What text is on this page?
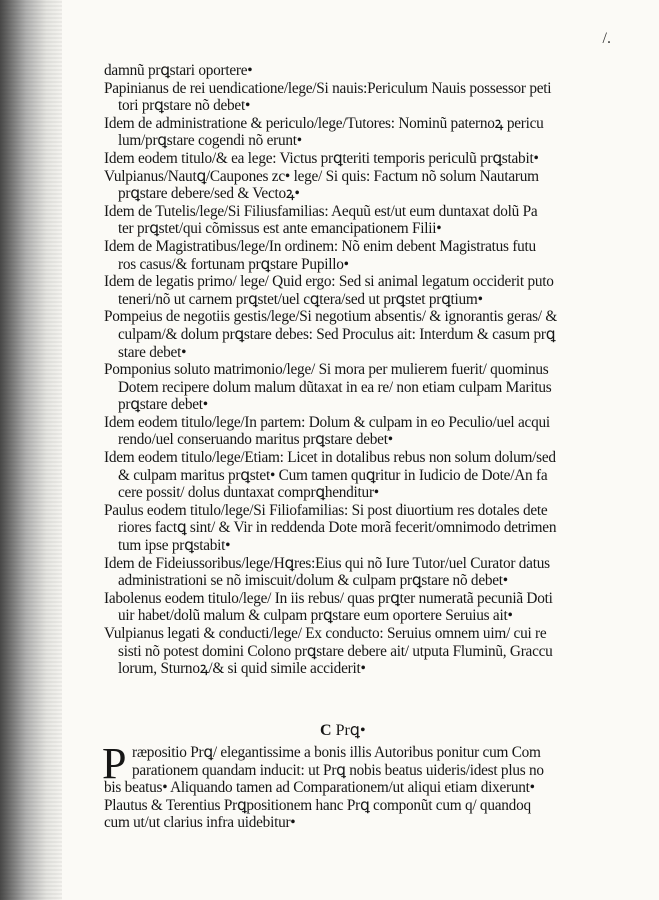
/.
damnũ prꝗstari oportere•
Papinianus de rei uendicatione/lege/Si nauis:Periculum Nauis possessor peti
tori prꝗstare nõ debet•
Idem de administratione & periculo/lege/Tutores: Nominũ paternoꝝ pericu
lum/prꝗstare cogendi nõ erunt•
Idem eodem titulo/& ea lege: Victus prꝗteriti temporis periculũ prꝗstabit•
Vulpianus/Nautꝗ/Caupones zc• lege/ Si quis: Factum nõ solum Nautarum
prꝗstare debere/sed & Vectoꝝ•
Idem de Tutelis/lege/Si Filiusfamilias: Aequũ est/ut eum duntaxat dolũ Pa
ter prꝗstet/qui cõmissus est ante emancipationem Filii•
Idem de Magistratibus/lege/In ordinem: Nõ enim debent Magistratus futu
ros casus/& fortunam prꝗstare Pupillo•
Idem de legatis primo/ lege/ Quid ergo: Sed si animal legatum occiderit puto
teneri/nõ ut carnem prꝗstet/uel cꝗtera/sed ut prꝗstet prꝗtium•
Pompeius de negotiis gestis/lege/Si negotium absentis/ & ignorantis geras/ &
culpam/& dolum prꝗstare debes: Sed Proculus ait: Interdum & casum prꝗ
stare debet•
Pomponius soluto matrimonio/lege/ Si mora per mulierem fuerit/ quominus
Dotem recipere dolum malum dũtaxat in ea re/ non etiam culpam Maritus
prꝗstare debet•
Idem eodem titulo/lege/In partem: Dolum & culpam in eo Peculio/uel acqui
rendo/uel conseruando maritus prꝗstare debet•
Idem eodem titulo/lege/Etiam: Licet in dotalibus rebus non solum dolum/sed
& culpam maritus prꝗstet• Cum tamen quꝗritur in Iudicio de Dote/An fa
cere possit/ dolus duntaxat comprꝗhenditur•
Paulus eodem titulo/lege/Si Filiofamilias: Si post diuortium res dotales dete
riores factꝗ sint/ & Vir in reddenda Dote morã fecerit/omnimodo detrimen
tum ipse prꝗstabit•
Idem de Fideiussoribus/lege/Hꝗres:Eius qui nõ Iure Tutor/uel Curator datus
administrationi se nõ imiscuit/dolum & culpam prꝗstare nõ debet•
Iabolenus eodem titulo/lege/ In iis rebus/ quas prꝗter numeratã pecuniã Doti
uir habet/dolũ malum & culpam prꝗstare eum oportere Seruius ait•
Vulpianus legati & conducti/lege/ Ex conducto: Seruius omnem uim/ cui re
sisti nõ potest domini Colono prꝗstare debere ait/ utputa Fluminũ, Graccu
lorum, Sturnoꝝ/& si quid simile acciderit•
C Prꝗ•
P ræpositio Prꝗ/ elegantissime a bonis illis Autoribus ponitur cum Com
parationem quandam inducit: ut Prꝗ nobis beatus uideris/idest plus no
bis beatus• Aliquando tamen ad Comparationem/ut aliqui etiam dixerunt•
Plautus & Terentius Prꝗpositionem hanc Prꝗ componũt cum q/ quandoq
cum ut/ut clarius infra uidebitur•
